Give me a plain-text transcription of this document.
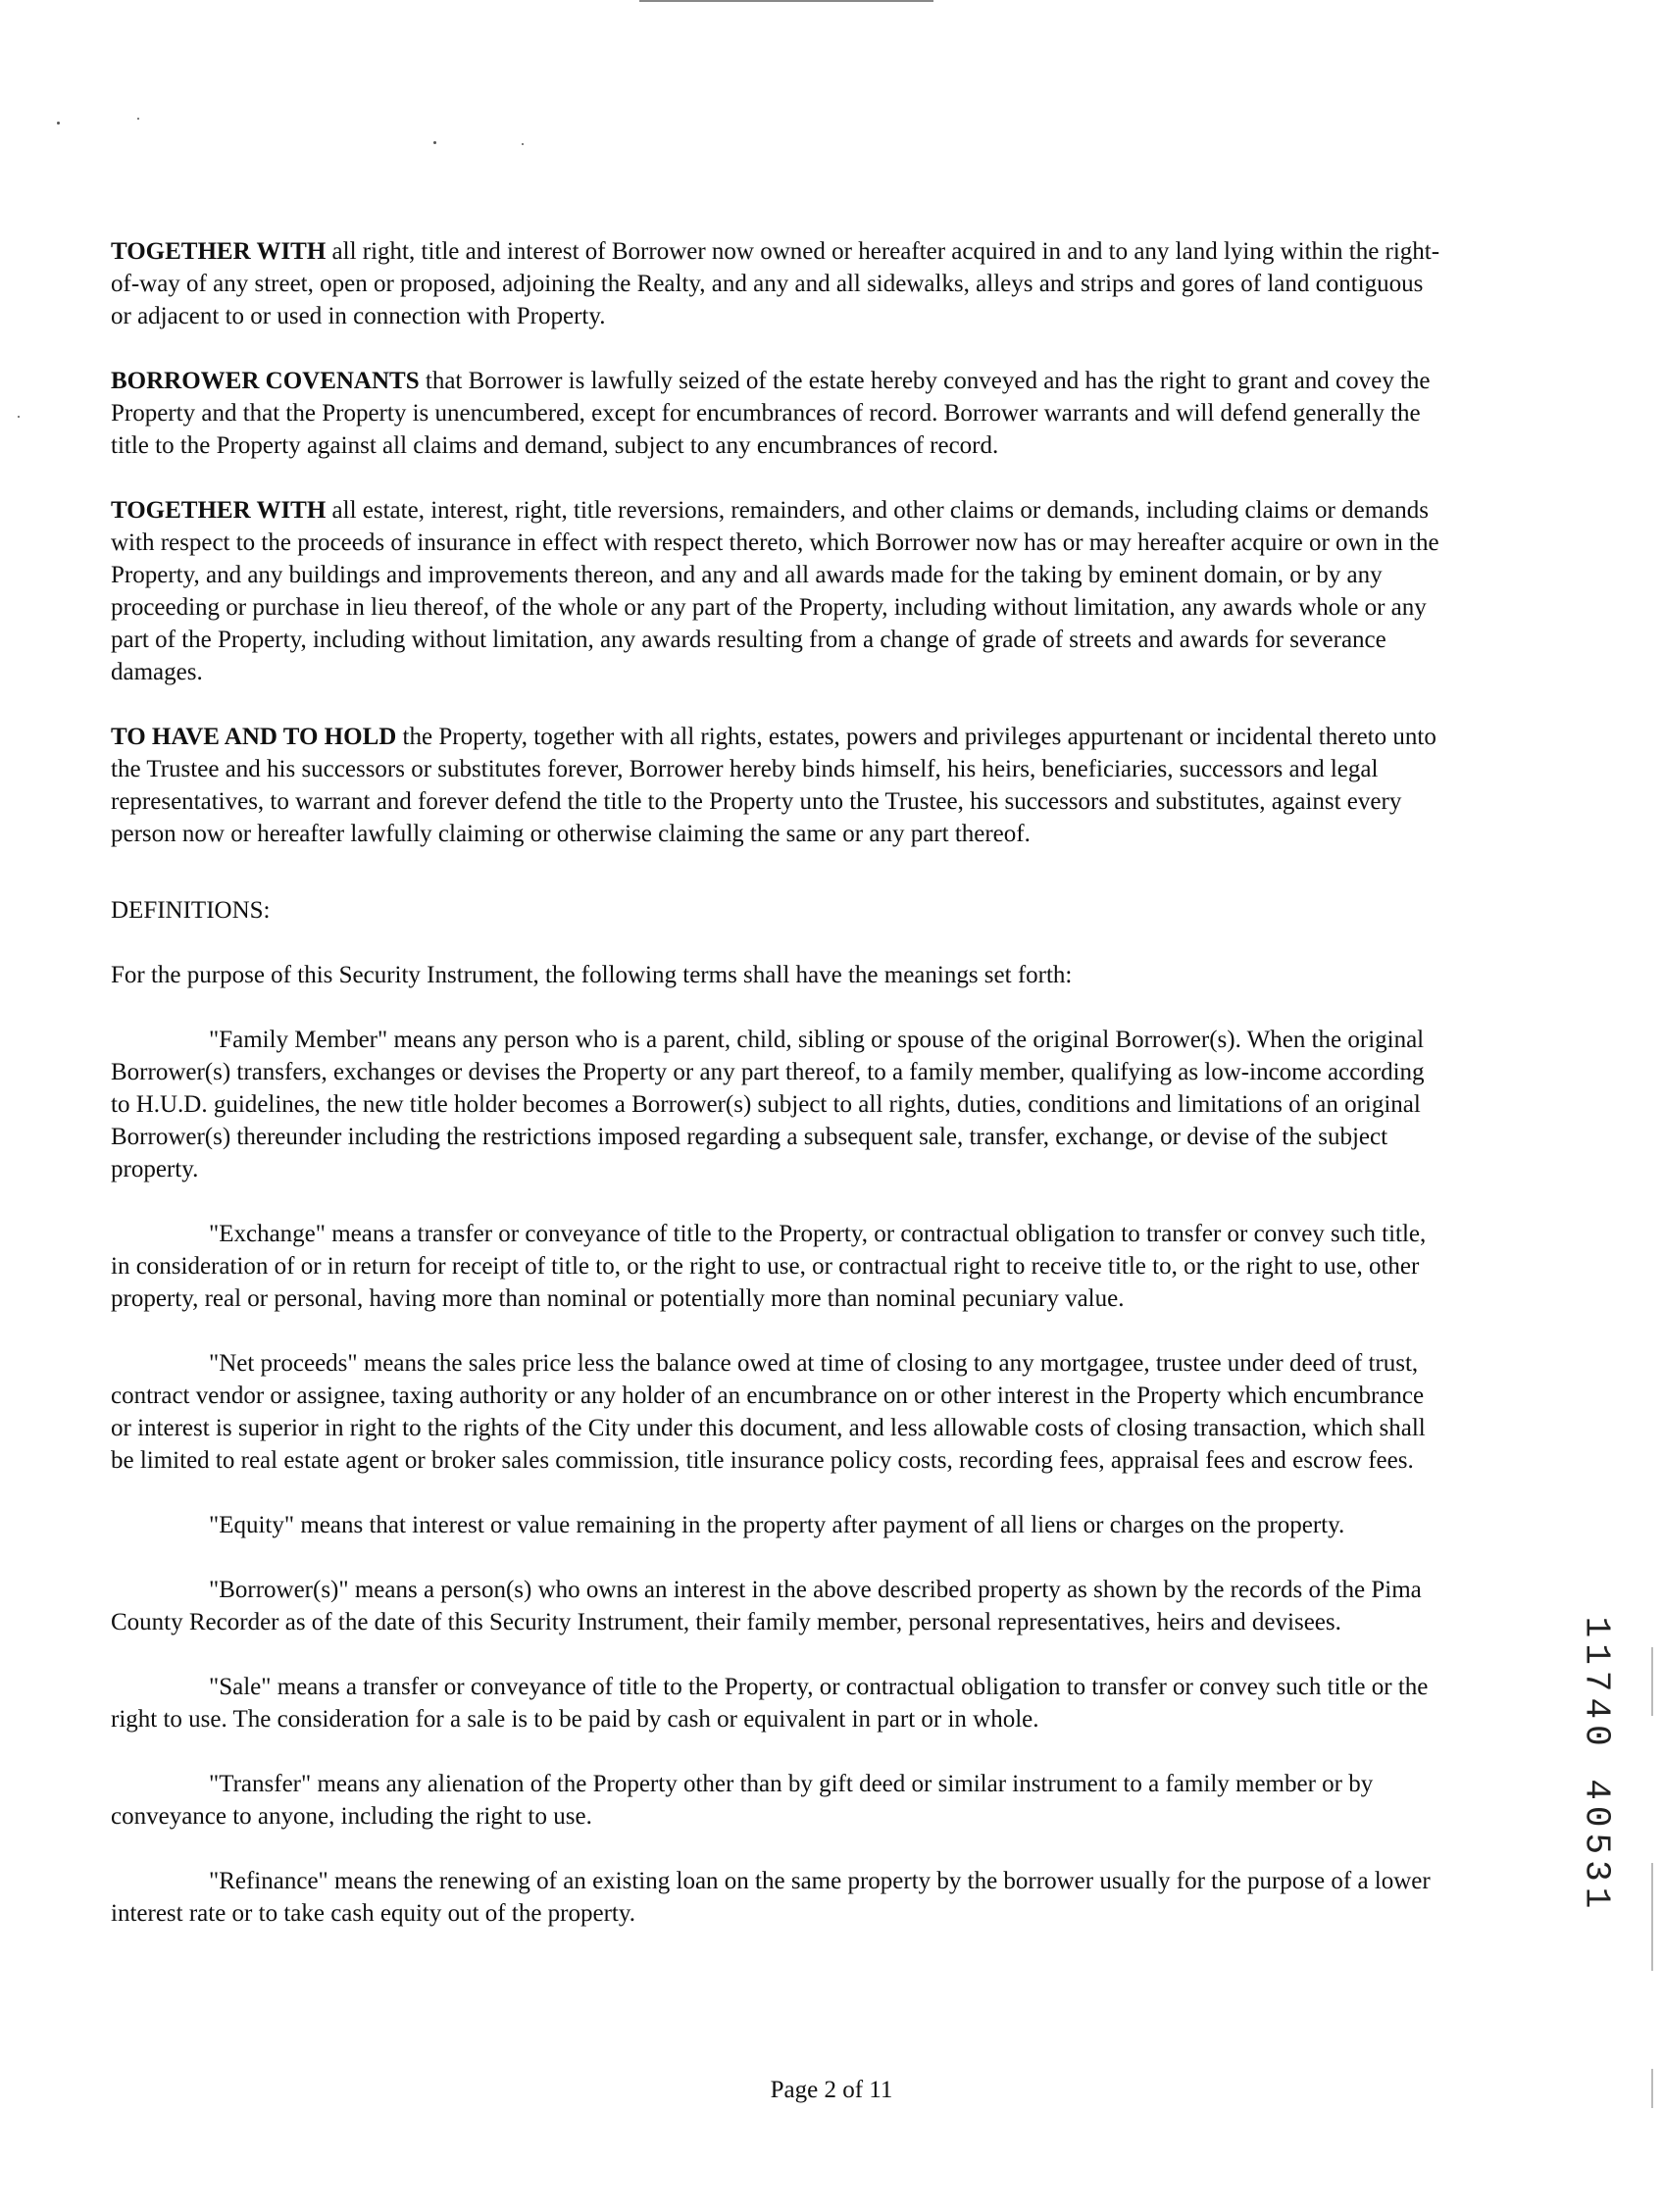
TOGETHER WITH all right, title and interest of Borrower now owned or hereafter acquired in and to any land lying within the right-of-way of any street, open or proposed, adjoining the Realty, and any and all sidewalks, alleys and strips and gores of land contiguous or adjacent to or used in connection with Property.

BORROWER COVENANTS that Borrower is lawfully seized of the estate hereby conveyed and has the right to grant and covey the Property and that the Property is unencumbered, except for encumbrances of record. Borrower warrants and will defend generally the title to the Property against all claims and demand, subject to any encumbrances of record.

TOGETHER WITH all estate, interest, right, title reversions, remainders, and other claims or demands, including claims or demands with respect to the proceeds of insurance in effect with respect thereto, which Borrower now has or may hereafter acquire or own in the Property, and any buildings and improvements thereon, and any and all awards made for the taking by eminent domain, or by any proceeding or purchase in lieu thereof, of the whole or any part of the Property, including without limitation, any awards whole or any part of the Property, including without limitation, any awards resulting from a change of grade of streets and awards for severance damages.

TO HAVE AND TO HOLD the Property, together with all rights, estates, powers and privileges appurtenant or incidental thereto unto the Trustee and his successors or substitutes forever, Borrower hereby binds himself, his heirs, beneficiaries, successors and legal representatives, to warrant and forever defend the title to the Property unto the Trustee, his successors and substitutes, against every person now or hereafter lawfully claiming or otherwise claiming the same or any part thereof.

DEFINITIONS:

For the purpose of this Security Instrument, the following terms shall have the meanings set forth:

"Family Member" means any person who is a parent, child, sibling or spouse of the original Borrower(s). When the original Borrower(s) transfers, exchanges or devises the Property or any part thereof, to a family member, qualifying as low-income according to H.U.D. guidelines, the new title holder becomes a Borrower(s) subject to all rights, duties, conditions and limitations of an original Borrower(s) thereunder including the restrictions imposed regarding a subsequent sale, transfer, exchange, or devise of the subject property.

"Exchange" means a transfer or conveyance of title to the Property, or contractual obligation to transfer or convey such title, in consideration of or in return for receipt of title to, or the right to use, or contractual right to receive title to, or the right to use, other property, real or personal, having more than nominal or potentially more than nominal pecuniary value.

"Net proceeds" means the sales price less the balance owed at time of closing to any mortgagee, trustee under deed of trust, contract vendor or assignee, taxing authority or any holder of an encumbrance on or other interest in the Property which encumbrance or interest is superior in right to the rights of the City under this document, and less allowable costs of closing transaction, which shall be limited to real estate agent or broker sales commission, title insurance policy costs, recording fees, appraisal fees and escrow fees.

"Equity" means that interest or value remaining in the property after payment of all liens or charges on the property.

"Borrower(s)" means a person(s) who owns an interest in the above described property as shown by the records of the Pima County Recorder as of the date of this Security Instrument, their family member, personal representatives, heirs and devisees.

"Sale" means a transfer or conveyance of title to the Property, or contractual obligation to transfer or convey such title or the right to use. The consideration for a sale is to be paid by cash or equivalent in part or in whole.

"Transfer" means any alienation of the Property other than by gift deed or similar instrument to a family member or by conveyance to anyone, including the right to use.

"Refinance" means the renewing of an existing loan on the same property by the borrower usually for the purpose of a lower interest rate or to take cash equity out of the property.	11740 40531
Page 2 of 11
